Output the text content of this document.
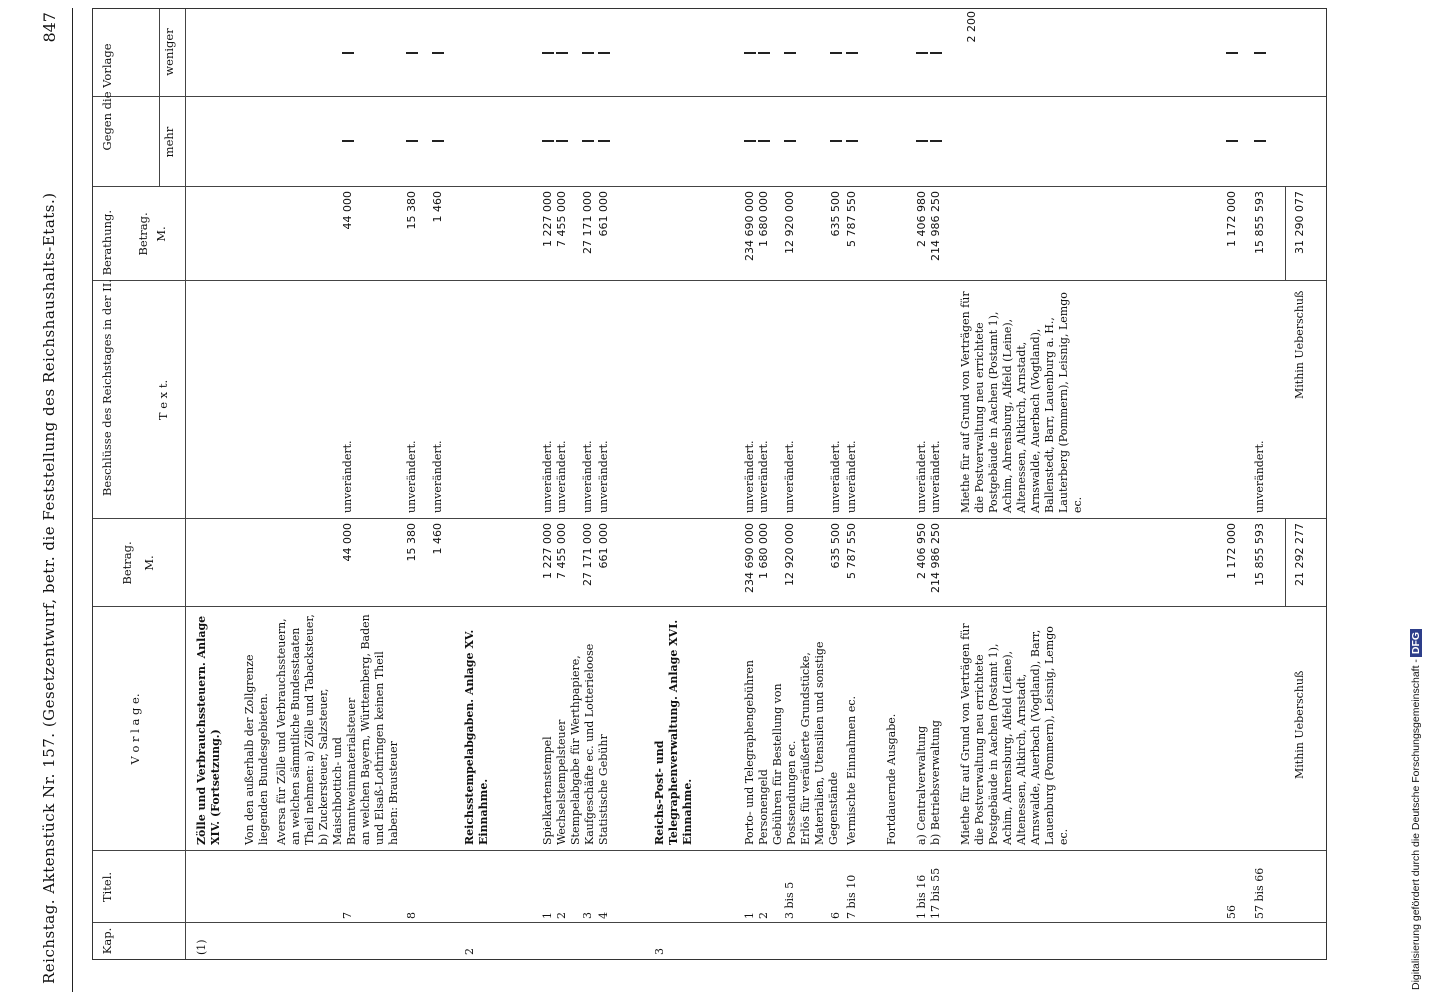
Reichstag. Aktenstück Nr. 157. (Gesetzentwurf, betr. die Feststellung des Reichshaushalts-Etats.)
847
Kap.
Titel.
V o r l a g e.
Betrag. M.
Beschlüsse des Reichstages in der II. Berathung.	T e x t.
Betrag. M.
Gegen die Vorlage	mehr
weniger
(1)
Zölle und Verbrauchssteuern. Anlage XIV. (Fortsetzung.) Von den außerhalb der Zollgrenze liegenden Bundesgebieten.
7
Aversa für Zölle und Verbrauchssteuern, an welchen sämmtliche Bundesstaaten Theil nehmen: a) Zölle und Tabacksteuer, b) Zuckersteuer, Salzsteuer, Maischbottich- und Branntweinmaterialsteuer
44 000
unverändert.
44 000
8
an welchen Bayern, Württemberg, Baden und Elsaß-Lothringen keinen Theil haben: Brausteuer
15 380
unverändert.
15 380
1 460
unverändert.
1 460
2
Reichsstempelabgaben. Anlage XV. Einnahme.
1
Spielkartenstempel
1 227 000
unverändert.
1 227 000
2
Wechselstempelsteuer
7 455 000
unverändert.
7 455 000
3
Stempelabgabe für Werthpapiere, Kaufgeschäfte ec. und Lotterieloose
27 171 000
unverändert.
27 171 000
4
Statistische Gebühr
661 000
unverändert.
661 000
3
Reichs-Post- und Telegraphenverwaltung. Anlage XVI. Einnahme.
1
Porto- und Telegraphengebühren
234 690 000
unverändert.
234 690 000
2
Personengeld
1 680 000
unverändert.
1 680 000
3 bis 5
Gebühren für Bestellung von Postsendungen ec.
12 920 000
unverändert.
12 920 000
6
Erlös für veräußerte Grundstücke, Materialien, Utensilien und sonstige Gegenstände
635 500
unverändert.
635 500
7 bis 10
Vermischte Einnahmen ec.
5 787 550
unverändert.
5 787 550
Fortdauernde Ausgabe.
1 bis 16
a) Centralverwaltung
2 406 950
unverändert.
2 406 980
17 bis 55
b) Betriebsverwaltung
214 986 250
unverändert.
214 986 250
56
Miethe für auf Grund von Verträgen für die Postverwaltung neu errichtete Postgebäude in Aachen (Postamt 1), Achim, Ahrensburg, Alfeld (Leine), Altenessen, Altkirch, Arnstadt, Arnswalde, Auerbach (Vogtland), Barr, Lauenburg (Pommern), Leisnig, Lemgo ec.
1 172 000
Miethe für auf Grund von Verträgen für die Postverwaltung neu errichtete Postgebäude in Aachen (Postamt 1), Achim, Ahrensburg, Alfeld (Leine), Altenessen, Altkirch, Arnstadt, Arnswalde, Auerbach (Vogtland), Ballenstedt, Barr, Lauenburg a. H., Lauterberg (Pommern), Leisnig, Lemgo ec.
1 172 000
57 bis 66
15 855 593
unverändert.
15 855 593
Mithin Ueberschuß
21 292 277
Mithin Ueberschuß
31 290 077
2 200
Digitalisierung gefördert durch die Deutsche Forschungsgemeinschaft -DFG
